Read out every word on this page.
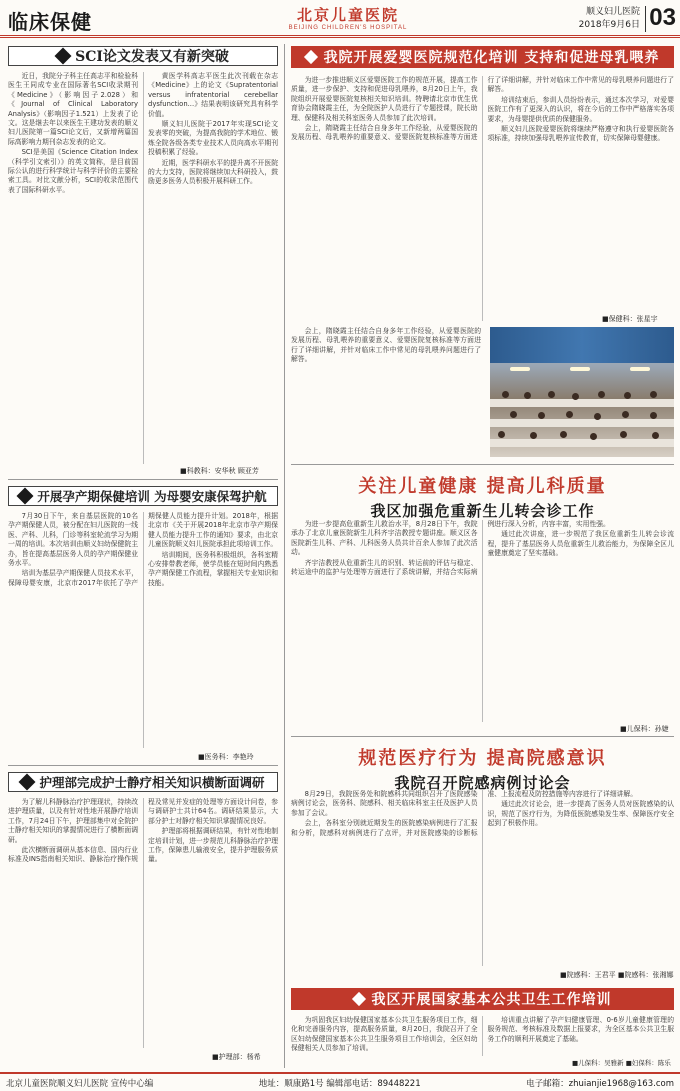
临床保健	北京儿童医院
BEIJING CHILDREN'S HOSPITAL
顺义妇儿医院
2018年9月6日 03
SCI论文发表又有新突破

近日，我院分子科主任高志平和检验科医生王同成专业在国际著名SCI收录期刊《Medicine》（影响因子2.028）和《Journal of Clinical Laboratory Analysis》（影响因子1.521）上发表了论文。这是继去年以来医生王建功发表的顺义妇儿医院第一篇SCI论文后，又新增两篇国际高影响力期刊杂志发表的论文。

SCI是美国《Science Citation Index（科学引文索引）》的英文简称，是目前国际公认的进行科学统计与科学评价的主要检索工具。对比文献分析，SCI的收录范围代表了国际科研水平。

黄医学科高志平医生此次刊载在杂志《Medicine》上的论文《Supratentorial versus infratentorial cerebellar dysfunction...》结果表明该研究具有科学价值。

顺义妇儿医院于2017年实现SCI论文发表零的突破，为提高我院的学术地位、锻炼全院各级各类专业技术人员向高水平期刊投稿积累了经验。

近期，医学科研水平的提升离不开医院的大力支持，医院将继续加大科研投入，鼓励更多医务人员积极开展科研工作。

■科教科：安华秋 顾亚芳
开展孕产期保健培训 为母婴安康保驾护航

7月30日下午，来自基层医院的10名孕产期保健人员，被分配在妇儿医院的一线医、产科、儿科，门诊等科室轮流学习为期一周的培训。本次培训由顺义妇幼保健院主办，旨在提高基层医务人员的孕产期保健业务水平。

培训为基层孕产期保健人员技术水平，保障母婴安康，北京市2017年依托了孕产期保健人员能力提升计划。2018年，根据北京市《关于开展2018年北京市孕产期保健人员能力提升工作的通知》要求，由北京儿童医院顺义妇儿医院承担此项培训工作。

培训期间，医务科积极组织，各科室精心安排带教老师，使学员能在短时间内熟悉孕产期保健工作流程，掌握相关专业知识和技能。

■医务科：李艳玲
护理部完成护士静疗相关知识横断面调研

为了解儿科静脉治疗护理现状，持续改进护理质量，以及有针对性地开展静疗培训工作，7月24日下午，护理部集中对全院护士静疗相关知识的掌握情况进行了横断面调研。

此次横断面调研从基本信息、国内行业标准及INS指南相关知识、静脉治疗操作规程及常见并发症的处理等方面设计问卷，参与调研护士共计64名。调研结果显示，大部分护士对静疗相关知识掌握情况良好。

护理部将根据调研结果，有针对性地制定培训计划，进一步规范儿科静脉治疗护理工作，保障患儿输液安全，提升护理服务质量。

■护理部：杨希
我院开展爱婴医院规范化培训 支持和促进母乳喂养

为进一步推进顺义区爱婴医院工作的规范开展，提高工作质量，进一步保护、支持和促进母乳喂养，8月20日上午，我院组织开展爱婴医院复核相关知识培训。特聘请北京市优生优育协会隋晓霞主任，为全院医护人员进行了专题授课，院长助理、保健科及相关科室医务人员参加了此次培训。

会上，隋晓霞主任结合自身多年工作经验，从爱婴医院的发展历程、母乳喂养的重要意义、爱婴医院复核标准等方面进行了详细讲解，并针对临床工作中常见的母乳喂养问题进行了解答。

培训结束后，参训人员纷纷表示，通过本次学习，对爱婴医院工作有了更深入的认识，将在今后的工作中严格落实各项要求，为母婴提供优质的保健服务。

顺义妇儿医院爱婴医院将继续严格遵守和执行爱婴医院各项标准，持续加强母乳喂养宣传教育，切实保障母婴健康。

■保健科：张星宇

会上，隋晓霞主任结合自身多年工作经验，从爱婴医院的发展历程、母乳喂养的重要意义、爱婴医院复核标准等方面进行了详细讲解，并针对临床工作中常见的母乳喂养问题进行了解答。

关注儿童健康 提高儿科质量
我区加强危重新生儿转会诊工作

为进一步提高危重新生儿救治水平，8月28日下午，我院承办了北京儿童医院新生儿科齐宇洁教授专题讲座。顺义区各医院新生儿科、产科、儿科医务人员共计百余人参加了此次活动。

齐宇洁教授从危重新生儿的识别、转运前的评估与稳定、转运途中的监护与处理等方面进行了系统讲解，并结合实际病例进行深入分析，内容丰富，实用性强。

通过此次讲座，进一步规范了我区危重新生儿转会诊流程，提升了基层医务人员危重新生儿救治能力，为保障全区儿童健康奠定了坚实基础。

■儿保科：孙婕
规范医疗行为 提高院感意识
我院召开院感病例讨论会

8月29日，我院医务处和院感科共同组织召开了医院感染病例讨论会，医务科、院感科、相关临床科室主任及医护人员参加了会议。

会上，各科室分别就近期发生的医院感染病例进行了汇报和分析，院感科对病例进行了点评，并对医院感染的诊断标准、上报流程及防控措施等内容进行了详细讲解。

通过此次讨论会，进一步提高了医务人员对医院感染的认识，规范了医疗行为，为降低医院感染发生率、保障医疗安全起到了积极作用。

■院感科：王君平 ■院感科：张湘娜
我区开展国家基本公共卫生工作培训

为巩固我区妇幼保健国家基本公共卫生服务项目工作，细化和完善服务内容，提高服务质量，8月20日，我院召开了全区妇幼保健国家基本公共卫生服务项目工作培训会，全区妇幼保健相关人员参加了培训。

培训重点讲解了孕产妇健康管理、0-6岁儿童健康管理的服务规范、考核标准及数据上报要求，为全区基本公共卫生服务工作的顺利开展奠定了基础。

■儿保科：吴雅新 ■妇保科：陈乐
北京儿童医院顺义妇儿医院 宣传中心编	地址：顺康路1号 编辑部电话：89448221	电子邮箱：zhuianjie1968@163.com
